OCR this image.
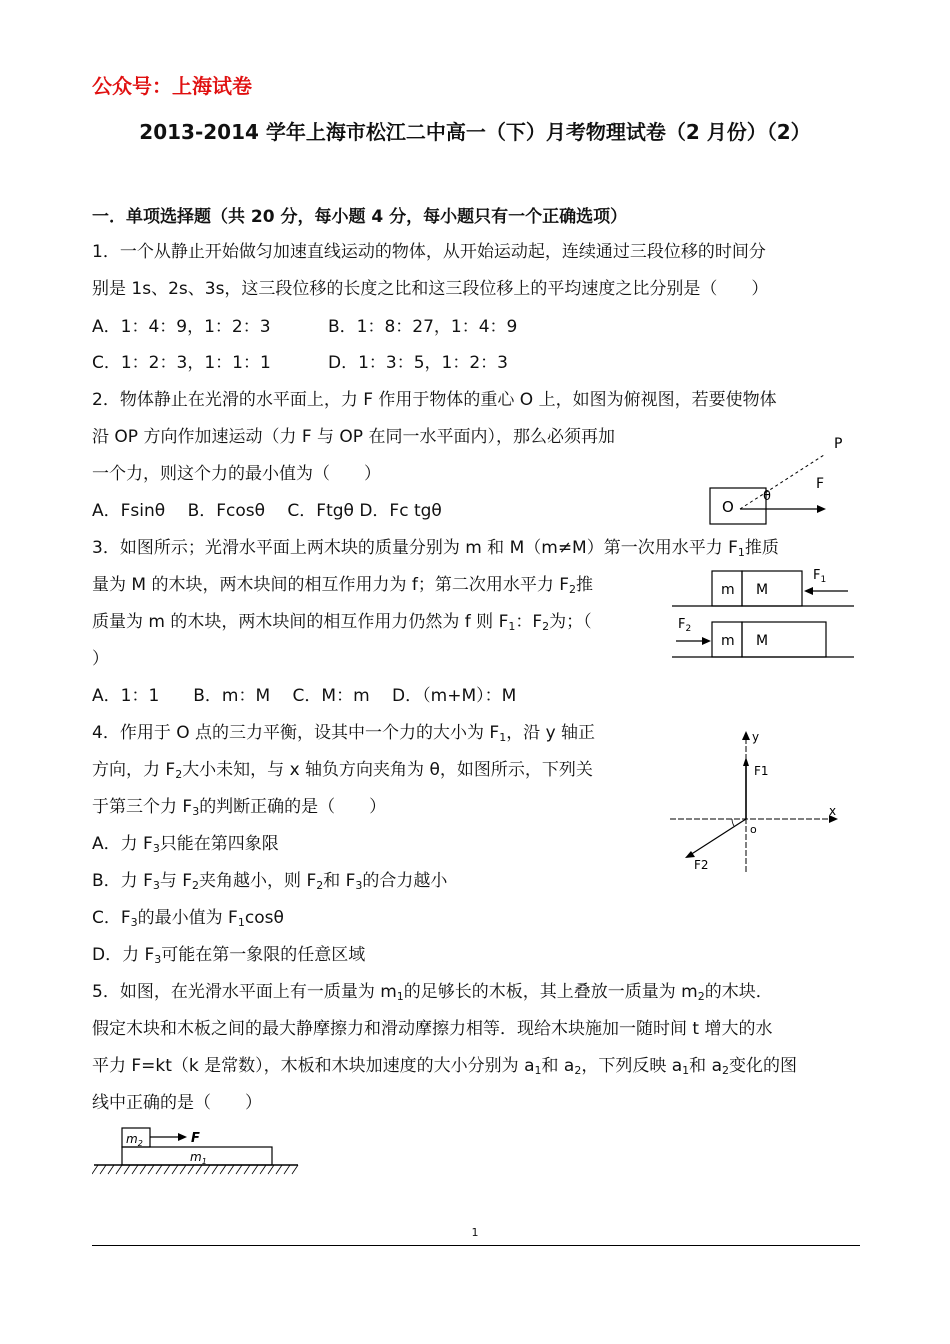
公众号：上海试卷
2013-2014 学年上海市松江二中高一（下）月考物理试卷（2 月份）（2）
一．单项选择题（共 20 分，每小题 4 分，每小题只有一个正确选项）
1．一个从静止开始做匀加速直线运动的物体，从开始运动起，连续通过三段位移的时间分
别是 1s、2s、3s，这三段位移的长度之比和这三段位移上的平均速度之比分别是（　　）
A．1：4：9，1：2：3	B．1：8：27，1：4：9
C．1：2：3，1：1：1	D．1：3：5，1：2：3
2．物体静止在光滑的水平面上，力 F 作用于物体的重心 O 上，如图为俯视图，若要使物体
沿 OP 方向作加速运动（力 F 与 OP 在同一水平面内），那么必须再加
一个力，则这个力的最小值为（　　）
A．Fsinθ　 B．Fcosθ　 C．Ftgθ D．Fc tgθ	O
P
F
θ
3．如图所示；光滑水平面上两木块的质量分别为 m 和 M（m≠M）第一次用水平力 $F_1$推质
量为 M 的木块，两木块间的相互作用力为 f；第二次用水平力 $F_2$推
质量为 m 的木块，两木块间的相互作用力仍然为 f 则 $F_1$：$F_2$为；（
）
A．1：1　　B．m：M　 C．M：m　 D．（m+M）：M
m M
$F_1$
m M
$F_2$
4．作用于 O 点的三力平衡，设其中一个力的大小为 $F_1$，沿 y 轴正
方向，力 $F_2$大小未知，与 x 轴负方向夹角为 θ，如图所示，下列关
于第三个力 $F_3$的判断正确的是（　　）
A．力 $F_3$只能在第四象限
B．力 $F_3$与 $F_2$夹角越小，则 $F_2$和 $F_3$的合力越小
C．$F_3$的最小值为 $F_1\cos\theta$
D．力 $F_3$可能在第一象限的任意区域
y
x
o
F1
F2
5．如图，在光滑水平面上有一质量为 $m_1$的足够长的木板，其上叠放一质量为 $m_2$的木块．
假定木块和木板之间的最大静摩擦力和滑动摩擦力相等．现给木块施加一随时间 t 增大的水
平力 F=kt（k 是常数），木板和木块加速度的大小分别为 $a_1$和 $a_2$，下列反映 $a_1$和 $a_2$变化的图
线中正确的是（　　）
$m_2$	F
$m_1$
1
